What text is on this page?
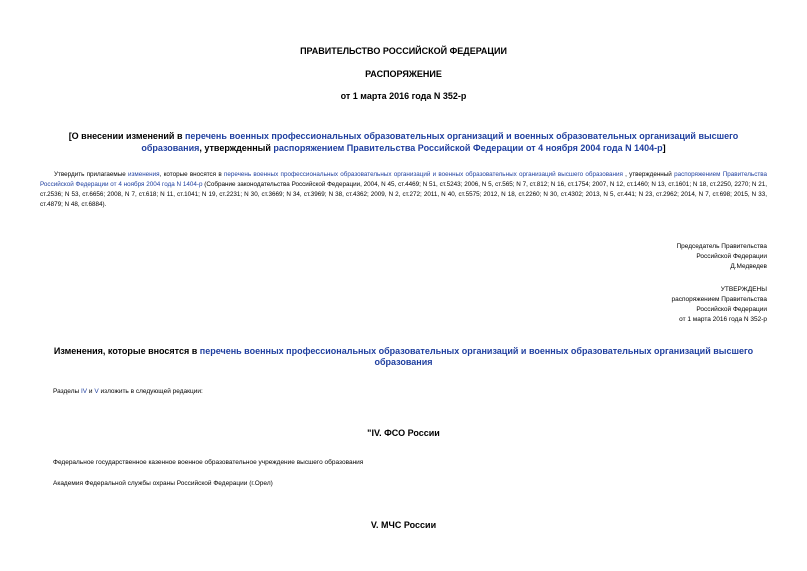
ПРАВИТЕЛЬСТВО РОССИЙСКОЙ ФЕДЕРАЦИИ
РАСПОРЯЖЕНИЕ
от 1 марта 2016 года N 352-р
[О внесении изменений в перечень военных профессиональных образовательных организаций и военных образовательных организаций высшего образования, утвержденный распоряжением Правительства Российской Федерации от 4 ноября 2004 года N 1404-р]
Утвердить прилагаемые изменения, которые вносятся в перечень военных профессиональных образовательных организаций и военных образовательных организаций высшего образования , утвержденный распоряжением Правительства Российской Федерации от 4 ноября 2004 года N 1404-р (Собрание законодательства Российской Федерации, 2004, N 45, ст.4469; N 51, ст.5243; 2006, N 5, ст.565; N 7, ст.812; N 16, ст.1754; 2007, N 12, ст.1460; N 13, ст.1601; N 18, ст.2250, 2270; N 21, ст.2536; N 53, ст.6656; 2008, N 7, ст.618; N 11, ст.1041; N 19, ст.2231; N 30, ст.3669; N 34, ст.3969; N 38, ст.4362; 2009, N 2, ст.272; 2011, N 40, ст.5575; 2012, N 18, ст.2260; N 30, ст.4302; 2013, N 5, ст.441; N 23, ст.2962; 2014, N 7, ст.698; 2015, N 33, ст.4879; N 48, ст.6884).
Председатель Правительства
Российской Федерации
Д.Медведев
УТВЕРЖДЕНЫ
распоряжением Правительства
Российской Федерации
от 1 марта 2016 года N 352-р
Изменения, которые вносятся в перечень военных профессиональных образовательных организаций и военных образовательных организаций высшего образования
Разделы IV и V изложить в следующей редакции:
"IV. ФСО России
Федеральное государственное казенное военное образовательное учреждение высшего образования
Академия Федеральной службы охраны Российской Федерации (г.Орел)
V. МЧС России
